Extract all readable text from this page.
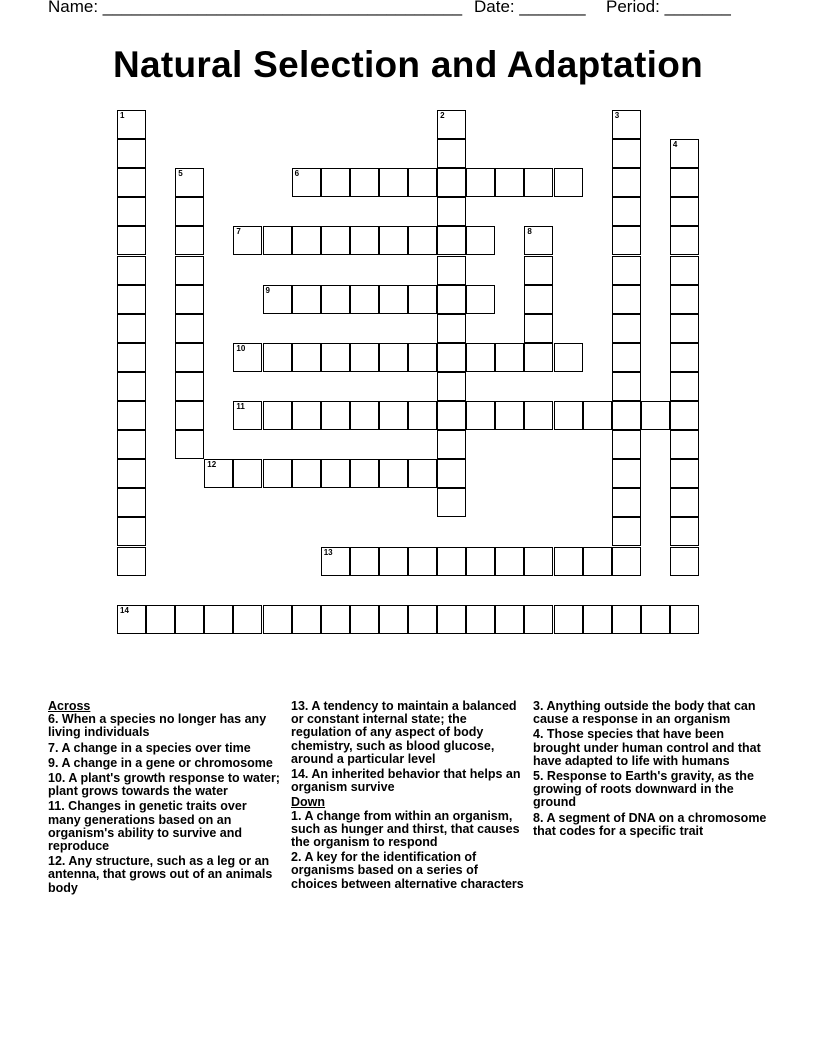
Name: ______________________________________ Date: _______ Period: _______
Natural Selection and Adaptation
1	2	3
4
5	6
7	8
9
10
11
12
13
14
Across
6. When a species no longer has any living individuals
7. A change in a species over time
9. A change in a gene or chromosome
10. A plant's growth response to water; plant grows towards the water
11. Changes in genetic traits over many generations based on an organism's ability to survive and reproduce
12. Any structure, such as a leg or an antenna, that grows out of an animals body
13. A tendency to maintain a balanced or constant internal state; the regulation of any aspect of body chemistry, such as blood glucose, around a particular level
14. An inherited behavior that helps an organism survive
Down
1. A change from within an organism, such as hunger and thirst, that causes the organism to respond
2. A key for the identification of organisms based on a series of choices between alternative characters
3. Anything outside the body that can cause a response in an organism
4. Those species that have been brought under human control and that have adapted to life with humans
5. Response to Earth's gravity, as the growing of roots downward in the ground
8. A segment of DNA on a chromosome that codes for a specific trait
